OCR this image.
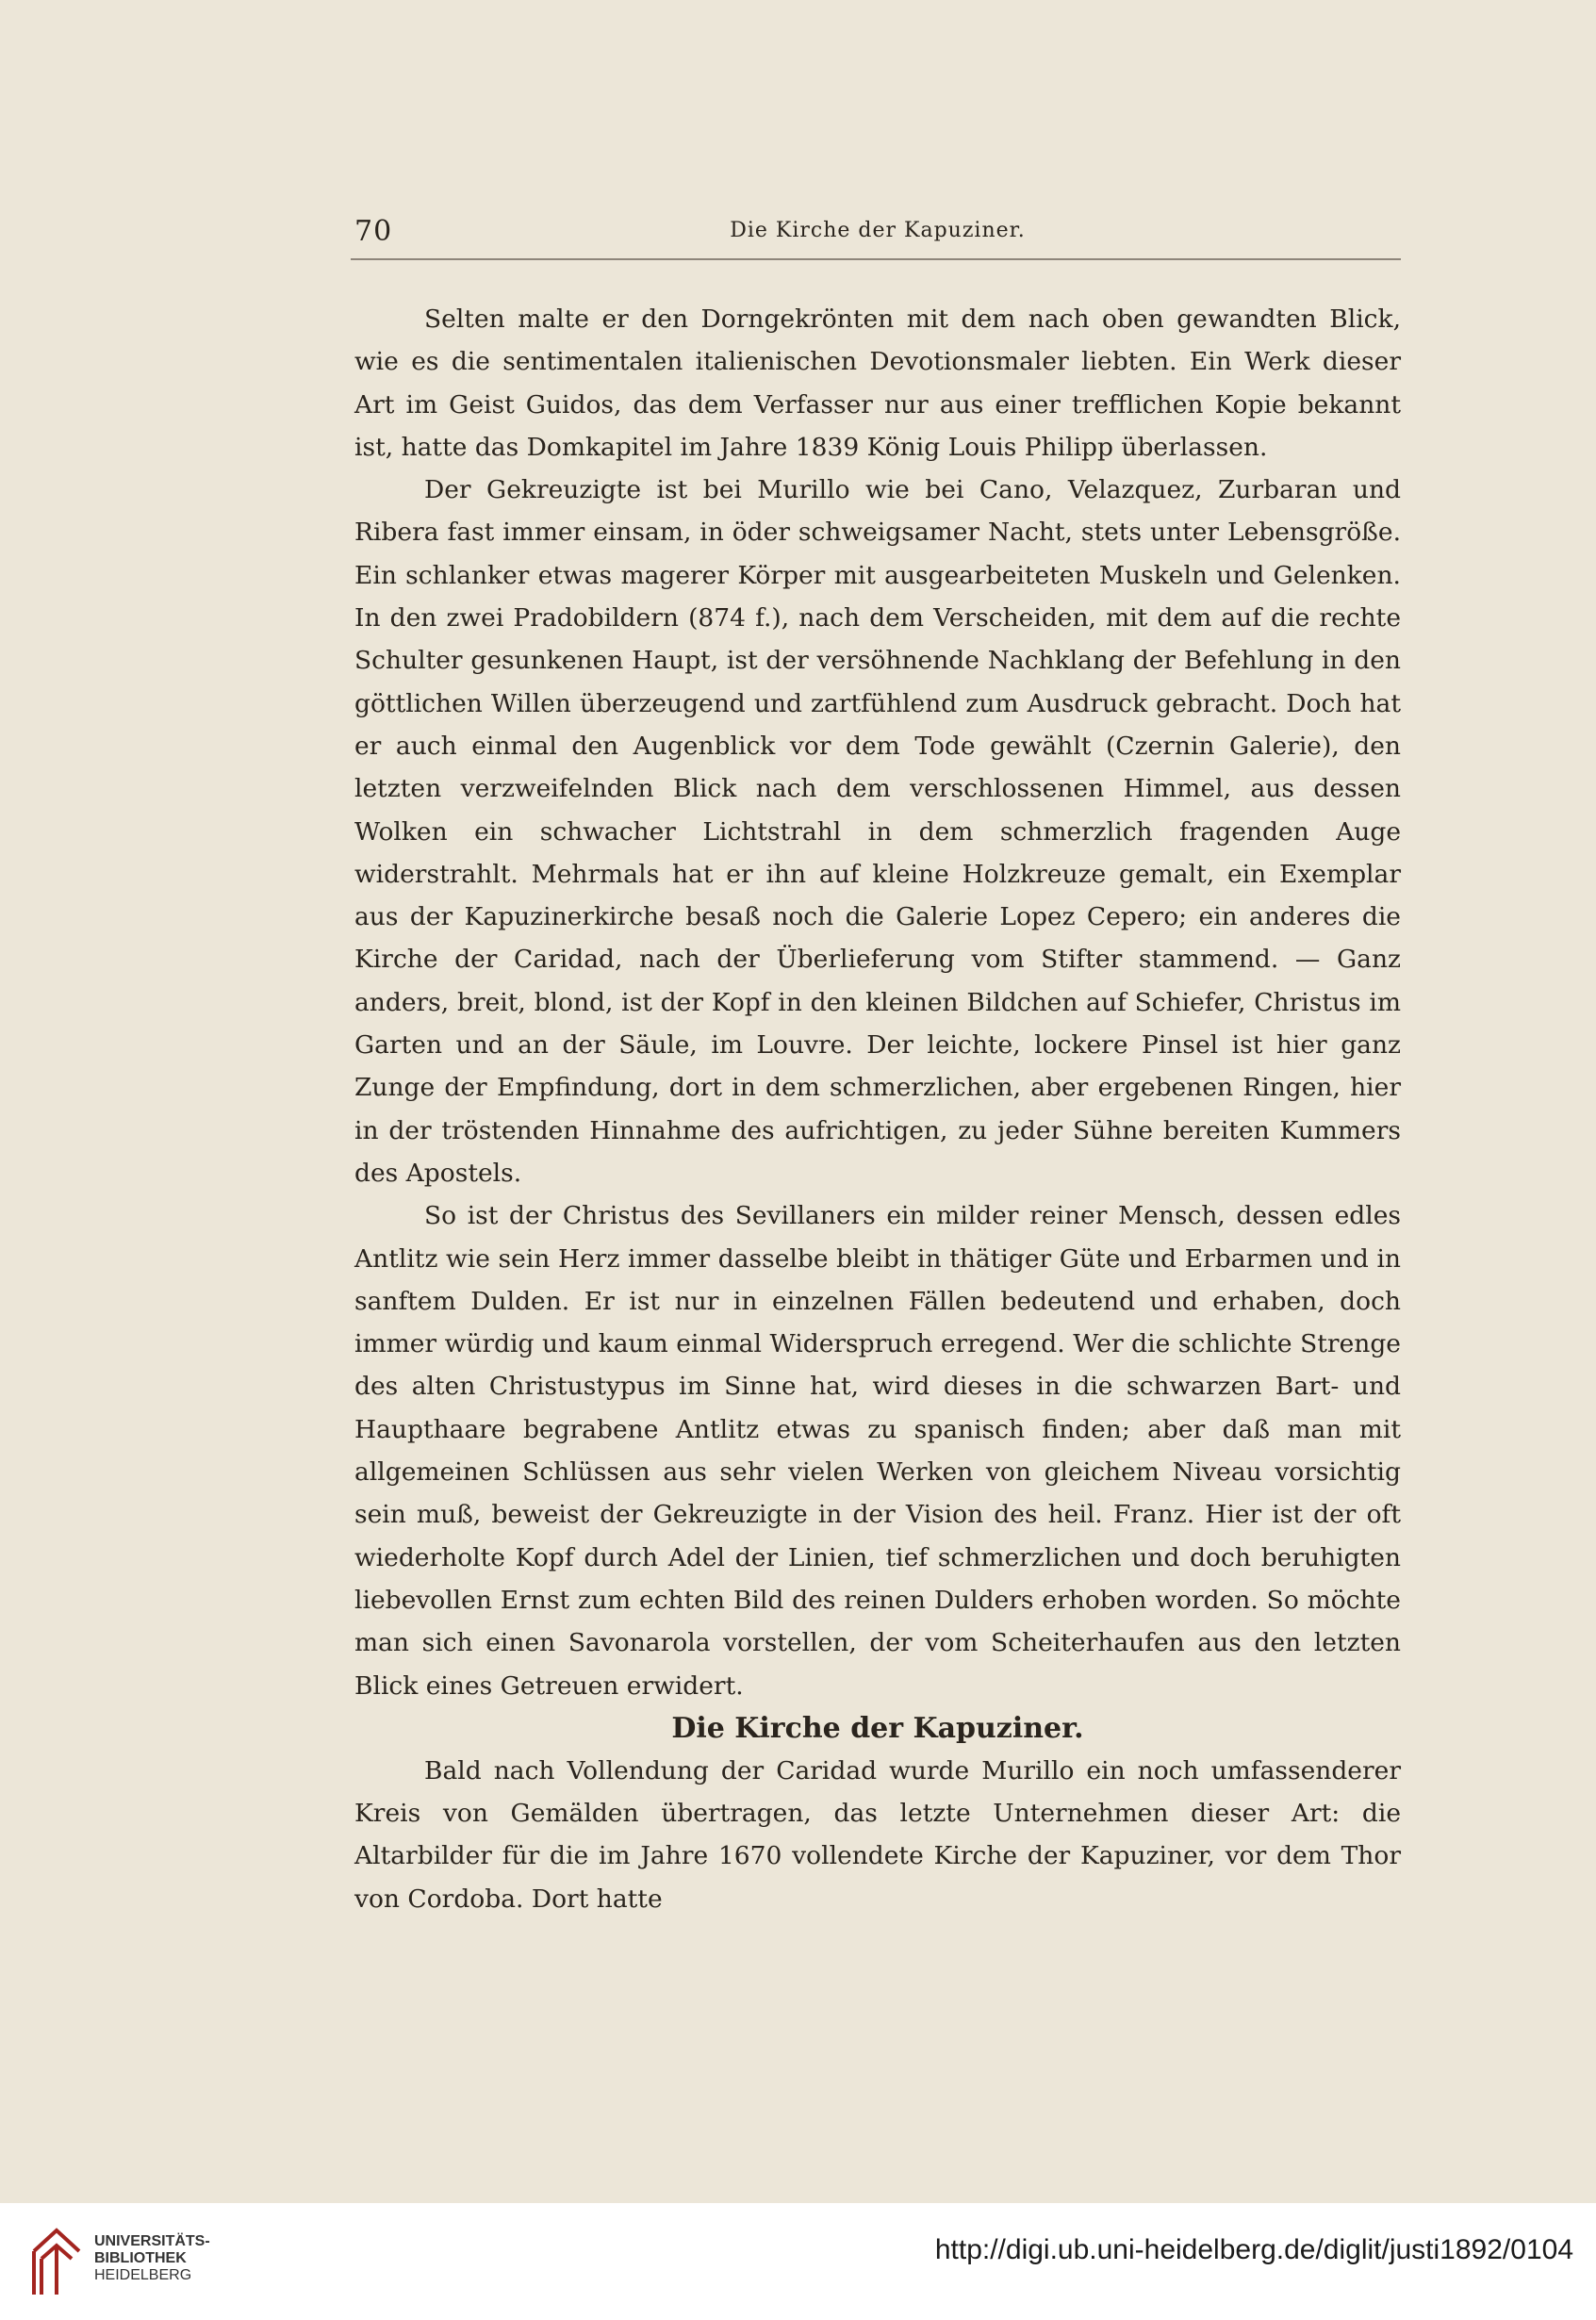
70	Die Kirche der Kapuziner.

Selten malte er den Dorngekrönten mit dem nach oben gewandten Blick, wie es die sentimentalen italienischen Devotionsmaler liebten. Ein Werk dieser Art im Geist Guidos, das dem Verfasser nur aus einer trefflichen Kopie bekannt ist, hatte das Domkapitel im Jahre 1839 König Louis Philipp überlassen.

Der Gekreuzigte ist bei Murillo wie bei Cano, Velazquez, Zurbaran und Ribera fast immer einsam, in öder schweigsamer Nacht, stets unter Lebensgröße. Ein schlanker etwas magerer Körper mit ausgearbeiteten Muskeln und Gelenken. In den zwei Pradobildern (874 f.), nach dem Verscheiden, mit dem auf die rechte Schulter gesunkenen Haupt, ist der versöhnende Nachklang der Befehlung in den göttlichen Willen überzeugend und zartfühlend zum Ausdruck gebracht. Doch hat er auch einmal den Augenblick vor dem Tode gewählt (Czernin Galerie), den letzten verzweifelnden Blick nach dem verschlossenen Himmel, aus dessen Wolken ein schwacher Lichtstrahl in dem schmerzlich fragenden Auge widerstrahlt. Mehrmals hat er ihn auf kleine Holzkreuze gemalt, ein Exemplar aus der Kapuzinerkirche besaß noch die Galerie Lopez Cepero; ein anderes die Kirche der Caridad, nach der Überlieferung vom Stifter stammend. — Ganz anders, breit, blond, ist der Kopf in den kleinen Bildchen auf Schiefer, Christus im Garten und an der Säule, im Louvre. Der leichte, lockere Pinsel ist hier ganz Zunge der Empfindung, dort in dem schmerzlichen, aber ergebenen Ringen, hier in der tröstenden Hinnahme des aufrichtigen, zu jeder Sühne bereiten Kummers des Apostels.

So ist der Christus des Sevillaners ein milder reiner Mensch, dessen edles Antlitz wie sein Herz immer dasselbe bleibt in thätiger Güte und Erbarmen und in sanftem Dulden. Er ist nur in einzelnen Fällen bedeutend und erhaben, doch immer würdig und kaum einmal Widerspruch erregend. Wer die schlichte Strenge des alten Christustypus im Sinne hat, wird dieses in die schwarzen Bart- und Haupthaare begrabene Antlitz etwas zu spanisch finden; aber daß man mit allgemeinen Schlüssen aus sehr vielen Werken von gleichem Niveau vorsichtig sein muß, beweist der Gekreuzigte in der Vision des heil. Franz. Hier ist der oft wiederholte Kopf durch Adel der Linien, tief schmerzlichen und doch beruhigten liebevollen Ernst zum echten Bild des reinen Dulders erhoben worden. So möchte man sich einen Savonarola vorstellen, der vom Scheiterhaufen aus den letzten Blick eines Getreuen erwidert.

Die Kirche der Kapuziner.

Bald nach Vollendung der Caridad wurde Murillo ein noch umfassenderer Kreis von Gemälden übertragen, das letzte Unternehmen dieser Art: die Altarbilder für die im Jahre 1670 vollendete Kirche der Kapuziner, vor dem Thor von Cordoba. Dort hatte

UNIVERSITÄTS-
BIBLIOTHEK
HEIDELBERG
http://digi.ub.uni-heidelberg.de/diglit/justi1892/0104
